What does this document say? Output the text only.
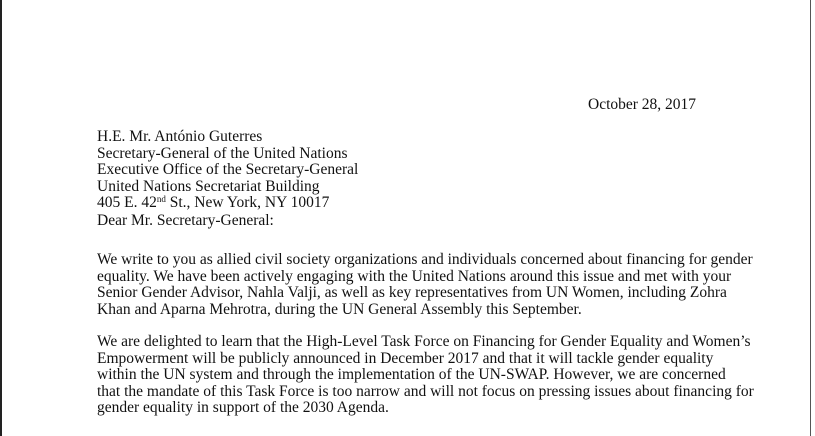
October 28, 2017
H.E. Mr. António Guterres
Secretary-General of the United Nations
Executive Office of the Secretary-General
United Nations Secretariat Building
405 E. 42nd St., New York, NY 10017
Dear Mr. Secretary-General:
We write to you as allied civil society organizations and individuals concerned about financing for gender
equality. We have been actively engaging with the United Nations around this issue and met with your
Senior Gender Advisor, Nahla Valji, as well as key representatives from UN Women, including Zohra
Khan and Aparna Mehrotra, during the UN General Assembly this September.
We are delighted to learn that the High-Level Task Force on Financing for Gender Equality and Women’s
Empowerment will be publicly announced in December 2017 and that it will tackle gender equality
within the UN system and through the implementation of the UN-SWAP. However, we are concerned
that the mandate of this Task Force is too narrow and will not focus on pressing issues about financing for
gender equality in support of the 2030 Agenda.
